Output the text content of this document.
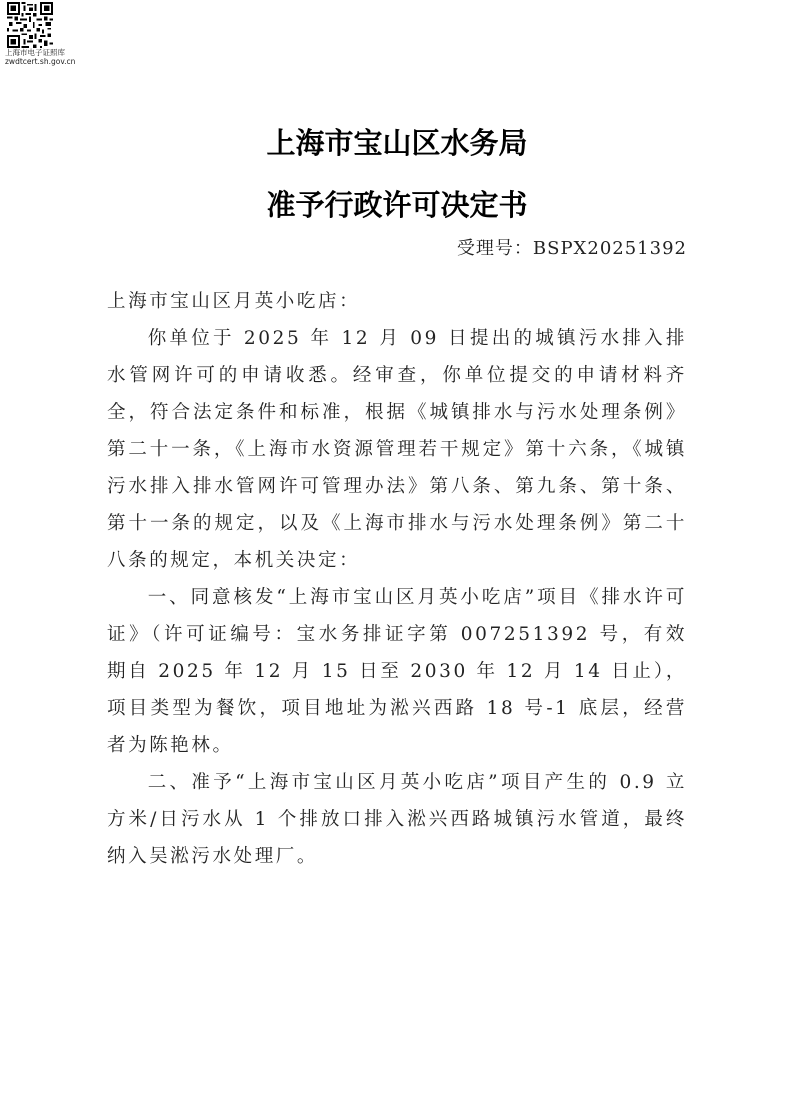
上海市电子证照库
zwdtcert.sh.gov.cn
上海市宝山区水务局
准予行政许可决定书
受理号：BSPX20251392

上海市宝山区月英小吃店：

你单位于 2025 年 12 月 09 日提出的城镇污水排入排水管网许可的申请收悉。经审查，你单位提交的申请材料齐全，符合法定条件和标准，根据《城镇排水与污水处理条例》第二十一条，《上海市水资源管理若干规定》第十六条，《城镇污水排入排水管网许可管理办法》第八条、第九条、第十条、第十一条的规定，以及《上海市排水与污水处理条例》第二十八条的规定，本机关决定：

一、同意核发“上海市宝山区月英小吃店”项目《排水许可证》（许可证编号：宝水务排证字第 007251392 号，有效期自 2025 年 12 月 15 日至 2030 年 12 月 14 日止），项目类型为餐饮，项目地址为淞兴西路 18 号-1 底层，经营者为陈艳林。

二、准予“上海市宝山区月英小吃店”项目产生的 0.9 立方米/日污水从 1 个排放口排入淞兴西路城镇污水管道，最终纳入吴淞污水处理厂。
